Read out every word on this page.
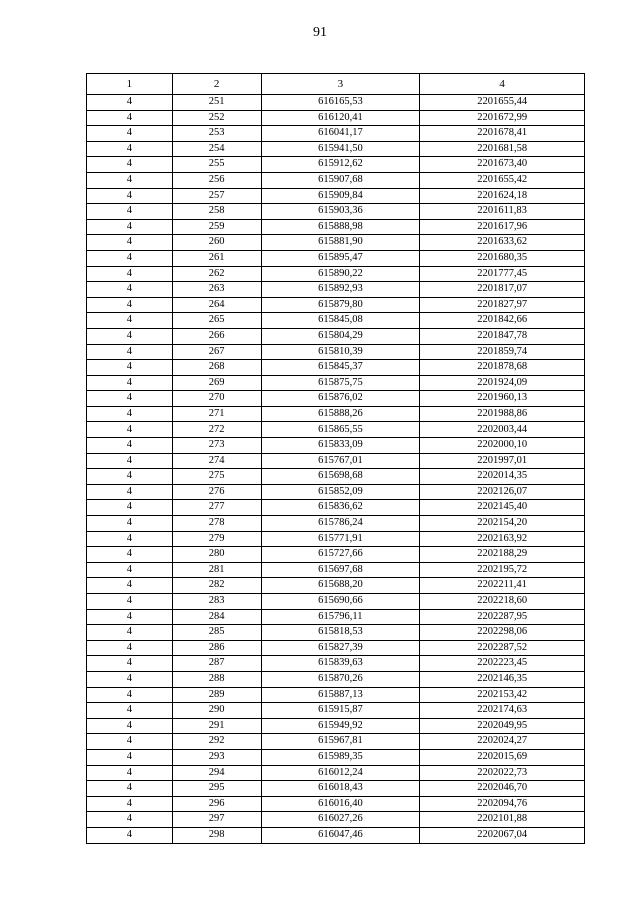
91
1	2	3	4
4	251	616165,53	2201655,44
4	252	616120,41	2201672,99
4	253	616041,17	2201678,41
4	254	615941,50	2201681,58
4	255	615912,62	2201673,40
4	256	615907,68	2201655,42
4	257	615909,84	2201624,18
4	258	615903,36	2201611,83
4	259	615888,98	2201617,96
4	260	615881,90	2201633,62
4	261	615895,47	2201680,35
4	262	615890,22	2201777,45
4	263	615892,93	2201817,07
4	264	615879,80	2201827,97
4	265	615845,08	2201842,66
4	266	615804,29	2201847,78
4	267	615810,39	2201859,74
4	268	615845,37	2201878,68
4	269	615875,75	2201924,09
4	270	615876,02	2201960,13
4	271	615888,26	2201988,86
4	272	615865,55	2202003,44
4	273	615833,09	2202000,10
4	274	615767,01	2201997,01
4	275	615698,68	2202014,35
4	276	615852,09	2202126,07
4	277	615836,62	2202145,40
4	278	615786,24	2202154,20
4	279	615771,91	2202163,92
4	280	615727,66	2202188,29
4	281	615697,68	2202195,72
4	282	615688,20	2202211,41
4	283	615690,66	2202218,60
4	284	615796,11	2202287,95
4	285	615818,53	2202298,06
4	286	615827,39	2202287,52
4	287	615839,63	2202223,45
4	288	615870,26	2202146,35
4	289	615887,13	2202153,42
4	290	615915,87	2202174,63
4	291	615949,92	2202049,95
4	292	615967,81	2202024,27
4	293	615989,35	2202015,69
4	294	616012,24	2202022,73
4	295	616018,43	2202046,70
4	296	616016,40	2202094,76
4	297	616027,26	2202101,88
4	298	616047,46	2202067,04
